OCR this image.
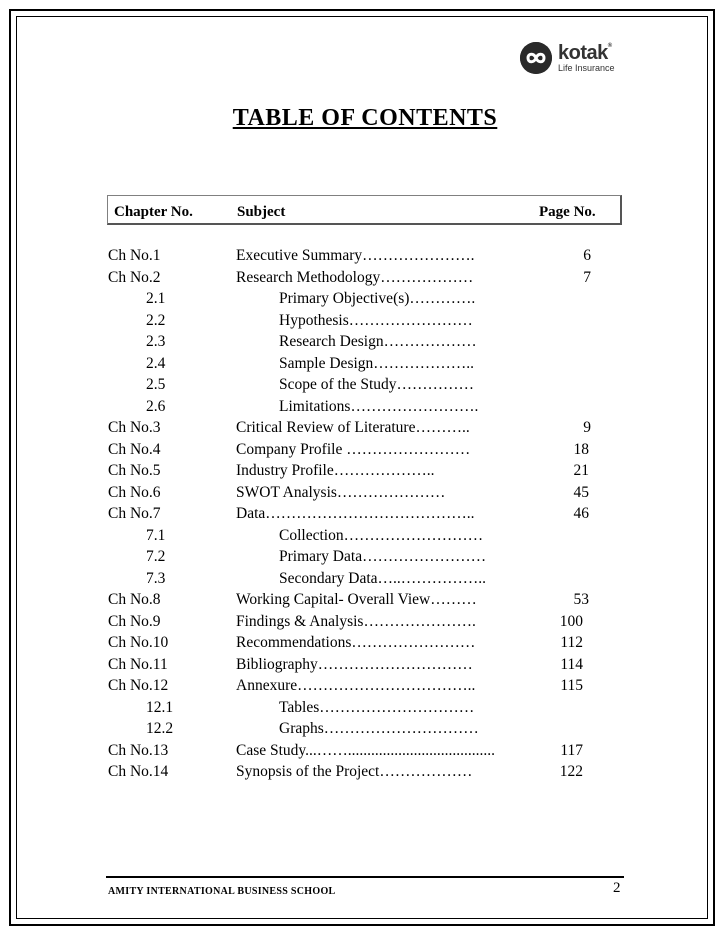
kotak®
Life Insurance
TABLE OF CONTENTS
Chapter No.	Subject	Page No.
Ch No.1	Executive Summary………………….	6
Ch No.2	Research Methodology………………	7
2.1	Primary Objective(s)………….
2.2	Hypothesis……………………
2.3	Research Design………………
2.4	Sample Design………………..
2.5	Scope of the Study……………
2.6	Limitations…………………….
Ch No.3	Critical Review of Literature………..	9
Ch No.4	Company Profile ……………………	18
Ch No.5	Industry Profile………………..	21
Ch No.6	SWOT Analysis…………………	45
Ch No.7	Data…………………………………..	46
7.1	Collection………………………
7.2	Primary Data……………………
7.3	Secondary Data…..……………..
Ch No.8	Working Capital- Overall View………	53
Ch No.9	Findings & Analysis………………….	100
Ch No.10	Recommendations……………………	112
Ch No.11	Bibliography…………………………	114
Ch No.12	Annexure……………………………..	115
12.1	Tables…………………………
12.2	Graphs…………………………
Ch No.13	Case Study...……......................................	117
Ch No.14	Synopsis of the Project………………	122
AMITY INTERNATIONAL BUSINESS SCHOOL	2
